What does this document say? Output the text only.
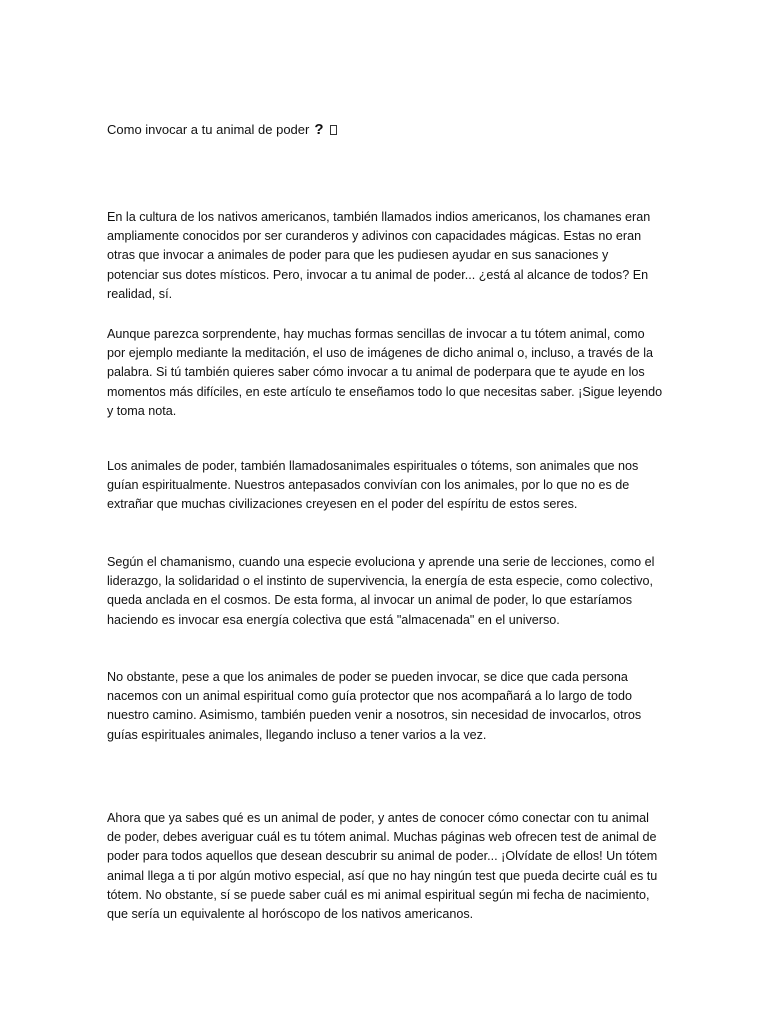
Como invocar a tu animal de poder ?

En la cultura de los nativos americanos, también llamados indios americanos, los chamanes eran ampliamente conocidos por ser curanderos y adivinos con capacidades mágicas. Estas no eran otras que invocar a animales de poder para que les pudiesen ayudar en sus sanaciones y potenciar sus dotes místicos. Pero, invocar a tu animal de poder... ¿está al alcance de todos? En realidad, sí.

Aunque parezca sorprendente, hay muchas formas sencillas de invocar a tu tótem animal, como por ejemplo mediante la meditación, el uso de imágenes de dicho animal o, incluso, a través de la palabra. Si tú también quieres saber cómo invocar a tu animal de poderpara que te ayude en los momentos más difíciles, en este artículo te enseñamos todo lo que necesitas saber. ¡Sigue leyendo y toma nota.

Los animales de poder, también llamadosanimales espirituales o tótems, son animales que nos guían espiritualmente. Nuestros antepasados convivían con los animales, por lo que no es de extrañar que muchas civilizaciones creyesen en el poder del espíritu de estos seres.

Según el chamanismo, cuando una especie evoluciona y aprende una serie de lecciones, como el liderazgo, la solidaridad o el instinto de supervivencia, la energía de esta especie, como colectivo, queda anclada en el cosmos. De esta forma, al invocar un animal de poder, lo que estaríamos haciendo es invocar esa energía colectiva que está "almacenada" en el universo.

No obstante, pese a que los animales de poder se pueden invocar, se dice que cada persona nacemos con un animal espiritual como guía protector que nos acompañará a lo largo de todo nuestro camino. Asimismo, también pueden venir a nosotros, sin necesidad de invocarlos, otros guías espirituales animales, llegando incluso a tener varios a la vez.

Ahora que ya sabes qué es un animal de poder, y antes de conocer cómo conectar con tu animal de poder, debes averiguar cuál es tu tótem animal. Muchas páginas web ofrecen test de animal de poder para todos aquellos que desean descubrir su animal de poder... ¡Olvídate de ellos! Un tótem animal llega a ti por algún motivo especial, así que no hay ningún test que pueda decirte cuál es tu tótem. No obstante, sí se puede saber cuál es mi animal espiritual según mi fecha de nacimiento, que sería un equivalente al horóscopo de los nativos americanos.
